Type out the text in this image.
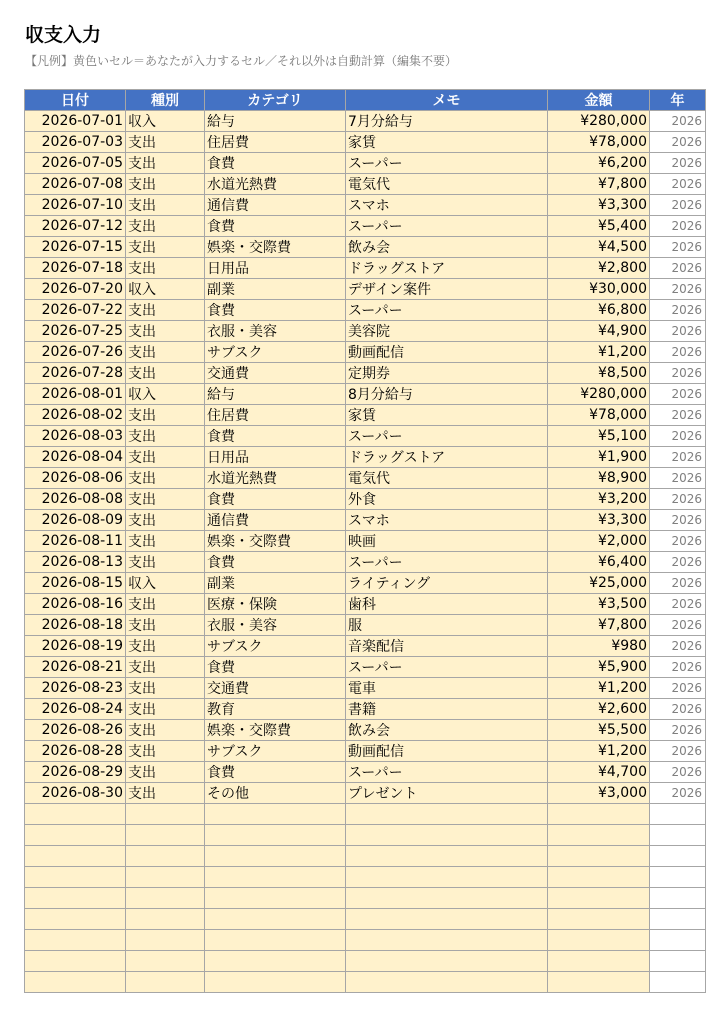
収支入力
【凡例】黄色いセル＝あなたが入力するセル／それ以外は自動計算（編集不要）
日付	種別	カテゴリ	メモ	金額	年
2026-07-01	収入	給与	7月分給与	¥280,000	2026
2026-07-03	支出	住居費	家賃	¥78,000	2026
2026-07-05	支出	食費	スーパー	¥6,200	2026
2026-07-08	支出	水道光熱費	電気代	¥7,800	2026
2026-07-10	支出	通信費	スマホ	¥3,300	2026
2026-07-12	支出	食費	スーパー	¥5,400	2026
2026-07-15	支出	娯楽・交際費	飲み会	¥4,500	2026
2026-07-18	支出	日用品	ドラッグストア	¥2,800	2026
2026-07-20	収入	副業	デザイン案件	¥30,000	2026
2026-07-22	支出	食費	スーパー	¥6,800	2026
2026-07-25	支出	衣服・美容	美容院	¥4,900	2026
2026-07-26	支出	サブスク	動画配信	¥1,200	2026
2026-07-28	支出	交通費	定期券	¥8,500	2026
2026-08-01	収入	給与	8月分給与	¥280,000	2026
2026-08-02	支出	住居費	家賃	¥78,000	2026
2026-08-03	支出	食費	スーパー	¥5,100	2026
2026-08-04	支出	日用品	ドラッグストア	¥1,900	2026
2026-08-06	支出	水道光熱費	電気代	¥8,900	2026
2026-08-08	支出	食費	外食	¥3,200	2026
2026-08-09	支出	通信費	スマホ	¥3,300	2026
2026-08-11	支出	娯楽・交際費	映画	¥2,000	2026
2026-08-13	支出	食費	スーパー	¥6,400	2026
2026-08-15	収入	副業	ライティング	¥25,000	2026
2026-08-16	支出	医療・保険	歯科	¥3,500	2026
2026-08-18	支出	衣服・美容	服	¥7,800	2026
2026-08-19	支出	サブスク	音楽配信	¥980	2026
2026-08-21	支出	食費	スーパー	¥5,900	2026
2026-08-23	支出	交通費	電車	¥1,200	2026
2026-08-24	支出	教育	書籍	¥2,600	2026
2026-08-26	支出	娯楽・交際費	飲み会	¥5,500	2026
2026-08-28	支出	サブスク	動画配信	¥1,200	2026
2026-08-29	支出	食費	スーパー	¥4,700	2026
2026-08-30	支出	その他	プレゼント	¥3,000	2026
